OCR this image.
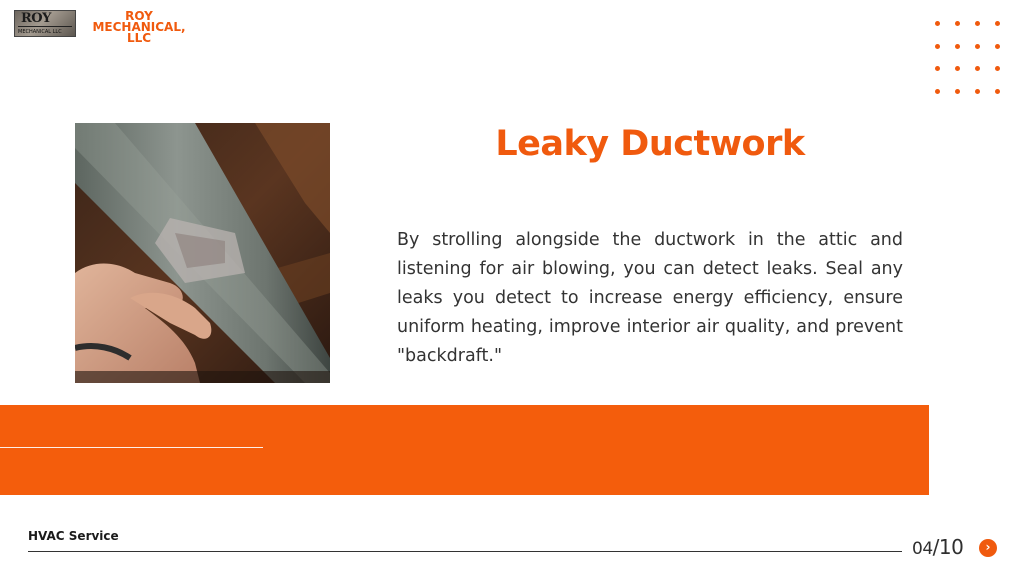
ROY
MECHANICAL LLC
ROY MECHANICAL, LLC
Leaky Ductwork

By strolling alongside the ductwork in the attic and listening for air blowing, you can detect leaks. Seal any leaks you detect to increase energy efficiency, ensure uniform heating, improve interior air quality, and prevent "backdraft."

HVAC Service
04/10	›
